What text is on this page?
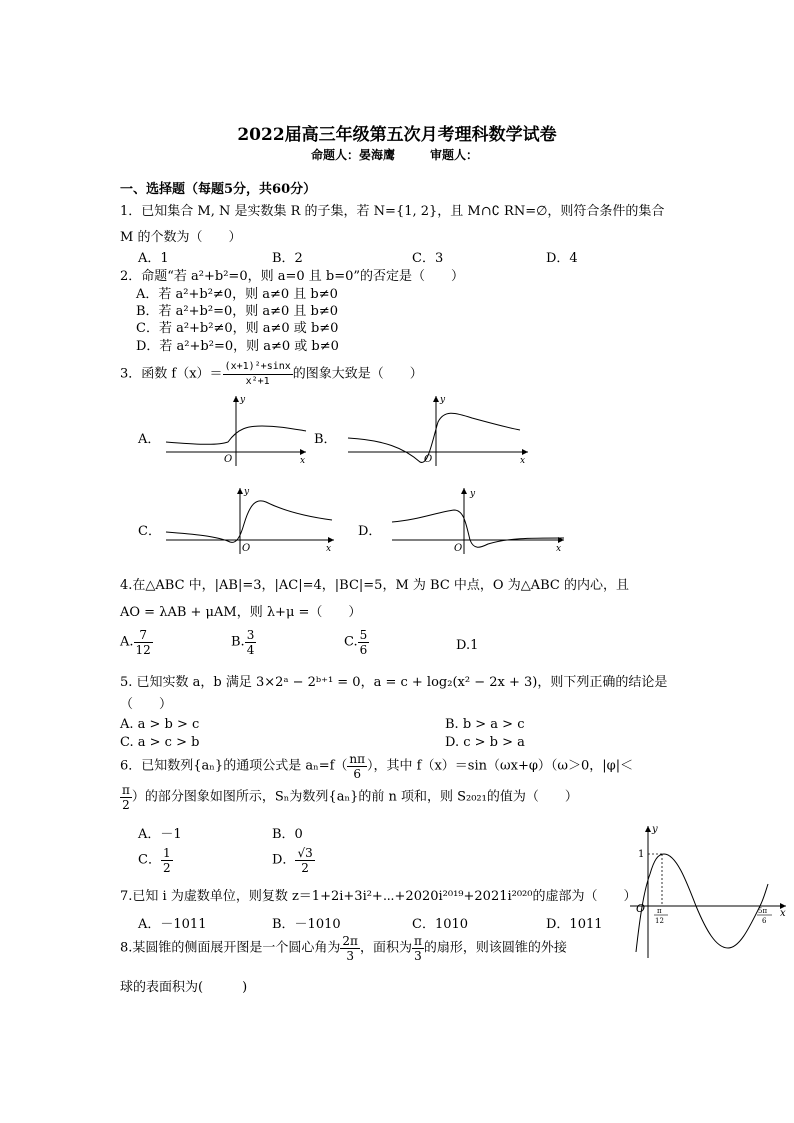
2022届高三年级第五次月考理科数学试卷
命题人：晏海鹰	审题人：
一、选择题（每题5分，共60分）
1．已知集合 M, N 是实数集 R 的子集，若 N={1, 2}，且 M∩∁ RN=∅，则符合条件的集合
M 的个数为（　　）
A．1	B．2	C．3	D．4
2．命题“若 a²+b²=0，则 a=0 且 b=0”的否定是（　　）
A．若 a²+b²≠0，则 a≠0 且 b≠0
B．若 a²+b²=0，则 a≠0 且 b≠0
C．若 a²+b²≠0，则 a≠0 或 b≠0
D．若 a²+b²=0，则 a≠0 或 b≠0
3．函数 $f(x)= \frac{\text{(x+1)²+sinx}}{\text{x²+1}}$ 的图象大致是（　　）
A．	B．
C．	D．
y
x
O
y
x
O
y
x
O
y
x
O
4.在△ABC 中，|AB|=3，|AC|=4，|BC|=5，M 为 BC 中点，O 为△ABC 的内心，且
AO = λAB + μAM，则 λ+μ =（　　）
A. $\frac{7}{12}$	B. $\frac{3}{4}$	C. $\frac{5}{6}$	D.1
5. 已知实数 a，b 满足 3×2ᵃ − 2ᵇ⁺¹ = 0，a = c + log₂(x² − 2x + 3)，则下列正确的结论是
（　　）
A. a > b > c	B. b > a > c
C. a > c > b	D. c > b > a
6．已知数列{aₙ}的通项公式是 $a_n=f( \frac{n\pi}{6}$ ），其中 f（x）＝sin（ωx+φ）（ω＞0，|φ|＜
$\frac{\pi}{2}$ ）的部分图象如图所示，Sₙ为数列{aₙ}的前 n 项和，则 S₂₀₂₁的值为（　　）
A．－1	B．0
C． $\frac{1}{2}$	D． $\frac{√3}{2}$
y
x
1
O π
12
5π
6
7.已知 i 为虚数单位，则复数 z＝1+2i+3i²+⋯+2020i²⁰¹⁹+2021i²⁰²⁰的虚部为（　　）
A．－1011	B．－1010	C．1010	D．1011
8.某圆锥的侧面展开图是一个圆心角为 $\frac{2\pi}{3}$ ，面积为 $\frac{\pi}{3}$ 的扇形，则该圆锥的外接
球的表面积为(　　　)
